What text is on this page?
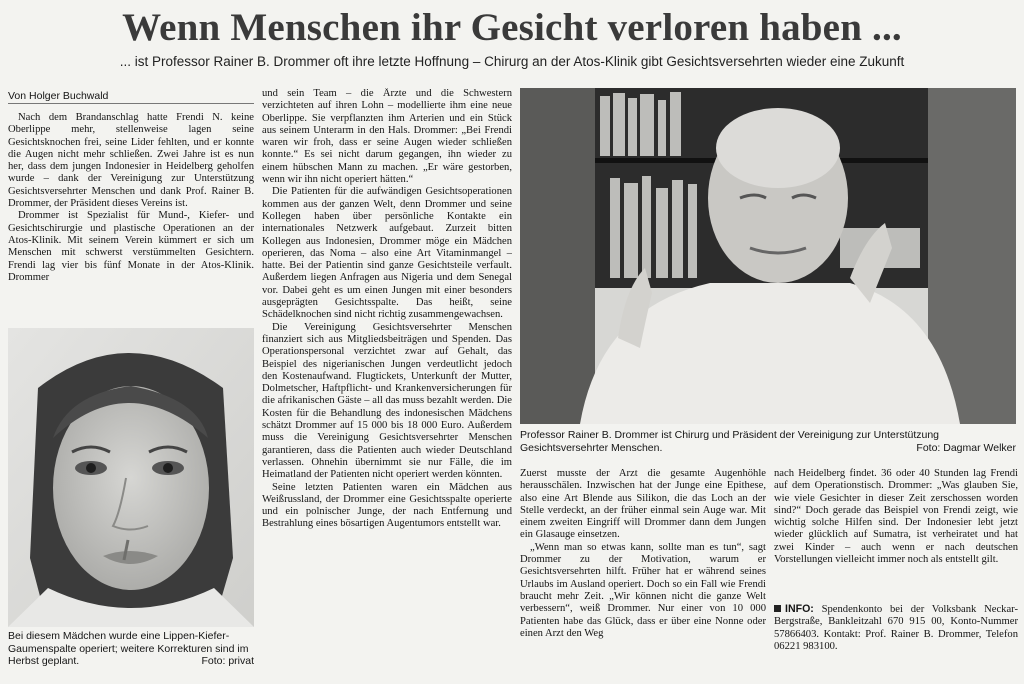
Wenn Menschen ihr Gesicht verloren haben ...
... ist Professor Rainer B. Drommer oft ihre letzte Hoffnung – Chirurg an der Atos-Klinik gibt Gesichtsversehrten wieder eine Zukunft
Von Holger Buchwald

Nach dem Brandanschlag hatte Frendi N. keine Oberlippe mehr, stellenweise lagen seine Gesichtsknochen frei, seine Lider fehlten, und er konnte die Augen nicht mehr schließen. Zwei Jahre ist es nun her, dass dem jungen Indonesier in Heidelberg geholfen wurde – dank der Vereinigung zur Unterstützung Gesichtsversehrter Menschen und dank Prof. Rainer B. Drommer, der Präsident dieses Vereins ist.

Drommer ist Spezialist für Mund-, Kiefer- und Gesichtschirurgie und plastische Operationen an der Atos-Klinik. Mit seinem Verein kümmert er sich um Menschen mit schwerst verstümmelten Gesichtern. Frendi lag vier bis fünf Monate in der Atos-Klinik. Drommer

Bei diesem Mädchen wurde eine Lippen-Kiefer-Gaumenspalte operiert; weitere Korrekturen sind im Herbst geplant.	Foto: privat

und sein Team – die Ärzte und die Schwestern verzichteten auf ihren Lohn – modellierte ihm eine neue Oberlippe. Sie verpflanzten ihm Arterien und ein Stück aus seinem Unterarm in den Hals. Drommer: „Bei Frendi waren wir froh, dass er seine Augen wieder schließen konnte.“ Es sei nicht darum gegangen, ihn wieder zu einem hübschen Mann zu machen. „Er wäre gestorben, wenn wir ihn nicht operiert hätten.“

Die Patienten für die aufwändigen Gesichtsoperationen kommen aus der ganzen Welt, denn Drommer und seine Kollegen haben über persönliche Kontakte ein internationales Netzwerk aufgebaut. Zurzeit bitten Kollegen aus Indonesien, Drommer möge ein Mädchen operieren, das Noma – also eine Art Vitaminmangel – hatte. Bei der Patientin sind ganze Gesichtsteile verfault. Außerdem liegen Anfragen aus Nigeria und dem Senegal vor. Dabei geht es um einen Jungen mit einer besonders ausgeprägten Gesichtsspalte. Das heißt, seine Schädelknochen sind nicht richtig zusammengewachsen.

Die Vereinigung Gesichtsversehrter Menschen finanziert sich aus Mitgliedsbeiträgen und Spenden. Das Operationspersonal verzichtet zwar auf Gehalt, das Beispiel des nigerianischen Jungen verdeutlicht jedoch den Kostenaufwand. Flugtickets, Unterkunft der Mutter, Dolmetscher, Haftpflicht- und Krankenversicherungen für die afrikanischen Gäste – all das muss bezahlt werden. Die Kosten für die Behandlung des indonesischen Mädchens schätzt Drommer auf 15 000 bis 18 000 Euro. Außerdem muss die Vereinigung Gesichtsversehrter Menschen garantieren, dass die Patienten auch wieder Deutschland verlassen. Ohnehin übernimmt sie nur Fälle, die im Heimatland der Patienten nicht operiert werden könnten.

Seine letzten Patienten waren ein Mädchen aus Weißrussland, der Drommer eine Gesichtsspalte operierte und ein polnischer Junge, der nach Entfernung und Bestrahlung eines bösartigen Augentumors entstellt war.

Professor Rainer B. Drommer ist Chirurg und Präsident der Vereinigung zur Unterstützung Gesichtsversehrter Menschen.	Foto: Dagmar Welker

Zuerst musste der Arzt die gesamte Augenhöhle herausschälen. Inzwischen hat der Junge eine Epithese, also eine Art Blende aus Silikon, die das Loch an der Stelle verdeckt, an der früher einmal sein Auge war. Mit einem zweiten Eingriff will Drommer dann dem Jungen ein Glasauge einsetzen.

„Wenn man so etwas kann, sollte man es tun“, sagt Drommer zu der Motivation, warum er Gesichtsversehrten hilft. Früher hat er während seines Urlaubs im Ausland operiert. Doch so ein Fall wie Frendi braucht mehr Zeit. „Wir können nicht die ganze Welt verbessern“, weiß Drommer. Nur einer von 10 000 Patienten habe das Glück, dass er über eine Nonne oder einen Arzt den Weg

nach Heidelberg findet. 36 oder 40 Stunden lag Frendi auf dem Operationstisch. Drommer: „Was glauben Sie, wie viele Gesichter in dieser Zeit zerschossen worden sind?“ Doch gerade das Beispiel von Frendi zeigt, wie wichtig solche Hilfen sind. Der Indonesier lebt jetzt wieder glücklich auf Sumatra, ist verheiratet und hat zwei Kinder – auch wenn er nach deutschen Vorstellungen vielleicht immer noch als entstellt gilt.

INFO: Spendenkonto bei der Volksbank Neckar-Bergstraße, Bankleitzahl 670 915 00, Konto-Nummer 57866403. Kontakt: Prof. Rainer B. Drommer, Telefon 06221 983100.
